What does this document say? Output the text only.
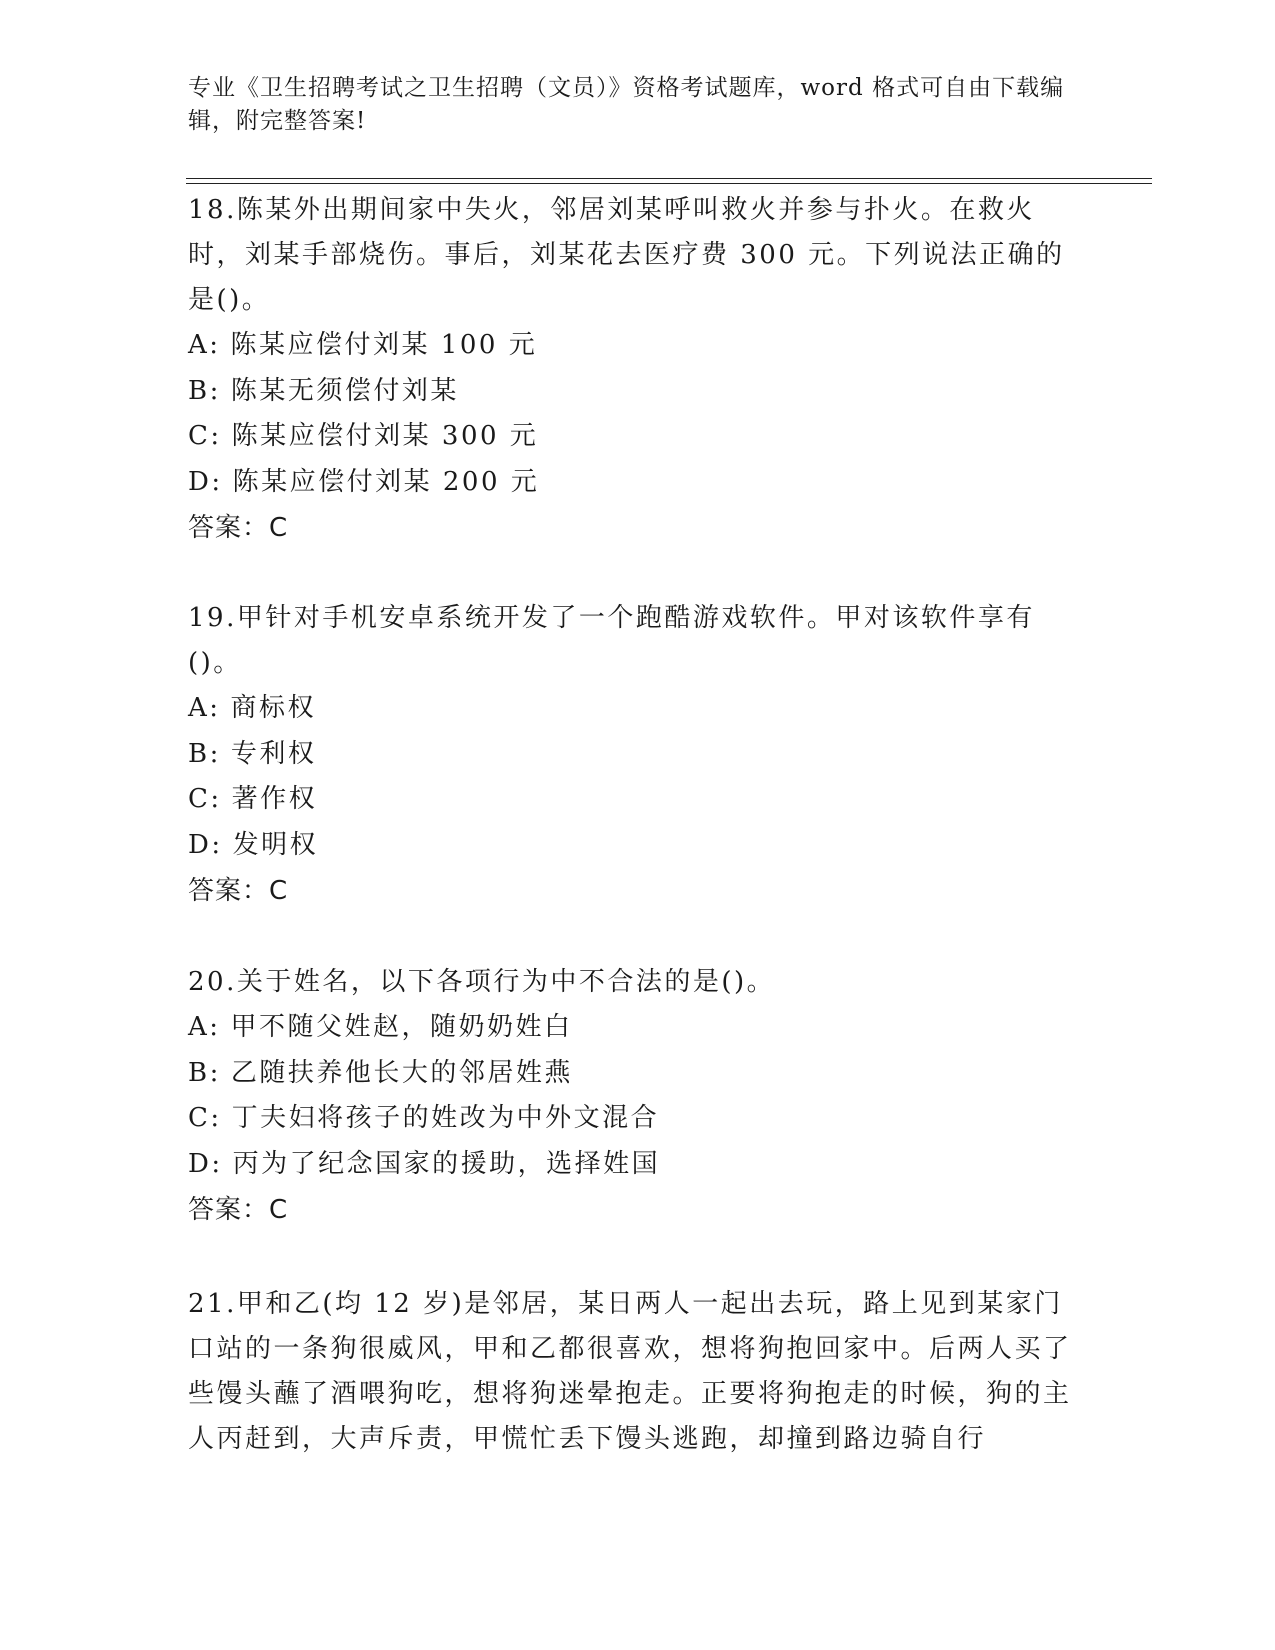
专业《卫生招聘考试之卫生招聘（文员）》资格考试题库，word 格式可自由下载编辑，附完整答案!

18.陈某外出期间家中失火，邻居刘某呼叫救火并参与扑火。在救火时，刘某手部烧伤。事后，刘某花去医疗费 300 元。下列说法正确的是()。

A: 陈某应偿付刘某 100 元

B: 陈某无须偿付刘某

C: 陈某应偿付刘某 300 元

D: 陈某应偿付刘某 200 元

答案：C

19.甲针对手机安卓系统开发了一个跑酷游戏软件。甲对该软件享有()。

A: 商标权

B: 专利权

C: 著作权

D: 发明权

答案：C

20.关于姓名，以下各项行为中不合法的是()。

A: 甲不随父姓赵，随奶奶姓白

B: 乙随扶养他长大的邻居姓燕

C: 丁夫妇将孩子的姓改为中外文混合

D: 丙为了纪念国家的援助，选择姓国

答案：C

21.甲和乙(均 12 岁)是邻居，某日两人一起出去玩，路上见到某家门口站的一条狗很威风，甲和乙都很喜欢，想将狗抱回家中。后两人买了些馒头蘸了酒喂狗吃，想将狗迷晕抱走。正要将狗抱走的时候，狗的主人丙赶到，大声斥责，甲慌忙丢下馒头逃跑，却撞到路边骑自行
